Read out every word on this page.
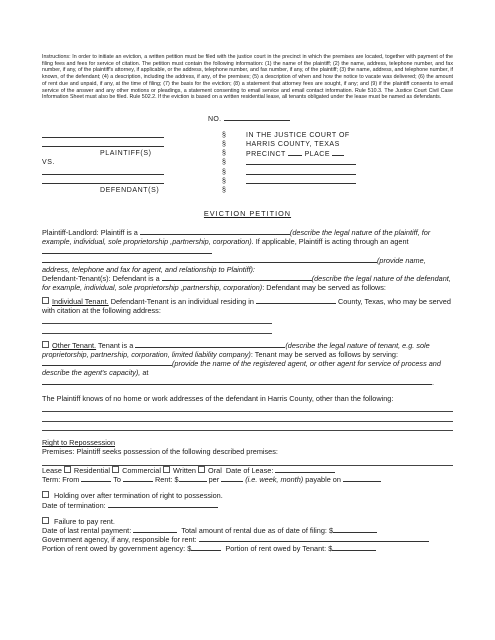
Instructions: In order to initiate an eviction, a written petition must be filed with the justice court in the precinct in which the premises are located, together with payment of the filing fees and fees for service of citation. The petition must contain the following information: (1) the name of the plaintiff; (2) the name, address, telephone number, and fax number, if any, of the plaintiff's attorney, if applicable, or the address, telephone number, and fax number, if any, of the plaintiff; (3) the name, address, and telephone number, if known, of the defendant; (4) a description, including the address, if any, of the premises; (5) a description of when and how the notice to vacate was delivered; (6) the amount of rent due and unpaid, if any, at the time of filing; (7) the basis for the eviction; (8) a statement that attorney fees are sought, if any; and (9) if the plaintiff consents to email service of the answer and any other motions or pleadings, a statement consenting to email service and email contact information. Rule 510.3. The Justice Court Civil Case Information Sheet must also be filed. Rule 502.2. If the eviction is based on a written residential lease, all tenants obligated under the lease must be named as defendants.

NO.
PLAINTIFF(S)
VS.
DEFENDANT(S)
§
§
§
§
§
§
§
IN THE JUSTICE COURT OF
HARRIS COUNTY, TEXAS
PRECINCT	PLACE
EVICTION PETITION

Plaintiff-Landlord: Plaintiff is a	(describe the legal nature of the plaintiff, for example, individual, sole proprietorship ,partnership, corporation). If applicable, Plaintiff is acting through an agent  (provide name, address, telephone and fax for agent, and relationship to Plaintiff):

Defendant-Tenant(s): Defendant is a	(describe the legal nature of the defendant, for example, individual, sole proprietorship ,partnership, corporation): Defendant may be served as follows:

Individual Tenant. Defendant-Tenant is an individual residing in	County, Texas, who may be served with citation at the following address:

Other Tenant. Tenant is a	(describe the legal nature of tenant, e.g. sole proprietorship, partnership, corporation, limited liability company): Tenant may be served as follows by serving: (provide the name of the registered agent, or other agent for service of process and describe the agent's capacity), at .

The Plaintiff knows of no home or work addresses of the defendant in Harris County, other than the following:

Right to Repossession

Premises: Plaintiff seeks possession of the following described premises:

Lease Residential Commercial Written Oral Date of Lease:

Term: From	To	Rent: $	per	(i.e. week, month) payable on

Holding over after termination of right to possession.

Date of termination:

Failure to pay rent.

Date of last rental payment:	Total amount of rental due as of date of filing: $

Government agency, if any, responsible for rent:

Portion of rent owed by government agency: $	Portion of rent owed by Tenant: $
